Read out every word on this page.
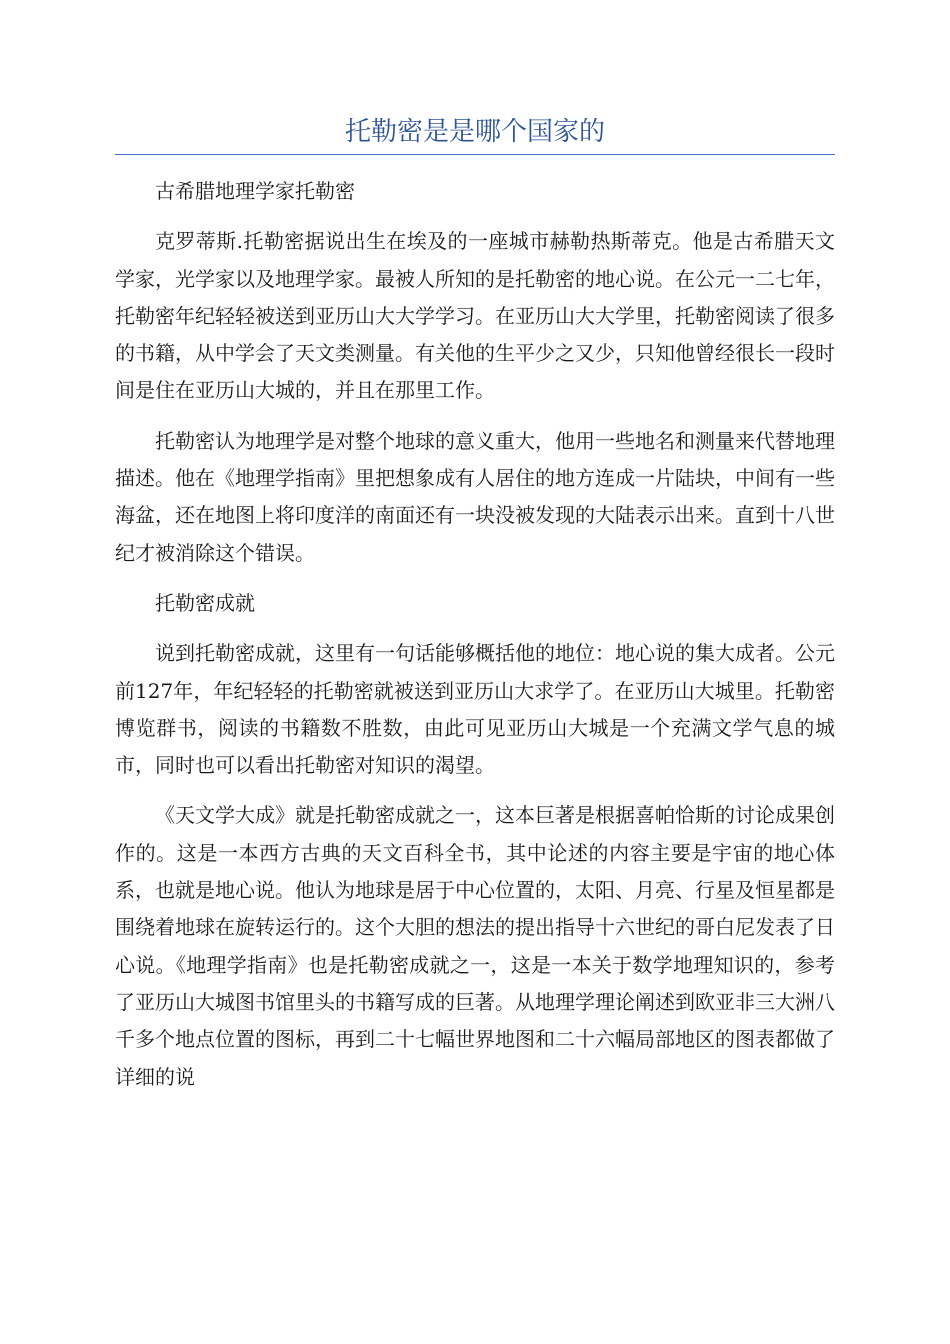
托勒密是是哪个国家的

古希腊地理学家托勒密

克罗蒂斯.托勒密据说出生在埃及的一座城市赫勒热斯蒂克。他是古希腊天文学家，光学家以及地理学家。最被人所知的是托勒密的地心说。在公元一二七年，托勒密年纪轻轻被送到亚历山大大学学习。在亚历山大大学里，托勒密阅读了很多的书籍，从中学会了天文类测量。有关他的生平少之又少，只知他曾经很长一段时间是住在亚历山大城的，并且在那里工作。

托勒密认为地理学是对整个地球的意义重大，他用一些地名和测量来代替地理描述。他在《地理学指南》里把想象成有人居住的地方连成一片陆块，中间有一些海盆，还在地图上将印度洋的南面还有一块没被发现的大陆表示出来。直到十八世纪才被消除这个错误。

托勒密成就

说到托勒密成就，这里有一句话能够概括他的地位：地心说的集大成者。公元前127年，年纪轻轻的托勒密就被送到亚历山大求学了。在亚历山大城里。托勒密博览群书，阅读的书籍数不胜数，由此可见亚历山大城是一个充满文学气息的城市，同时也可以看出托勒密对知识的渴望。

《天文学大成》就是托勒密成就之一，这本巨著是根据喜帕恰斯的讨论成果创作的。这是一本西方古典的天文百科全书，其中论述的内容主要是宇宙的地心体系，也就是地心说。他认为地球是居于中心位置的，太阳、月亮、行星及恒星都是围绕着地球在旋转运行的。这个大胆的想法的提出指导十六世纪的哥白尼发表了日心说。《地理学指南》也是托勒密成就之一，这是一本关于数学地理知识的，参考了亚历山大城图书馆里头的书籍写成的巨著。从地理学理论阐述到欧亚非三大洲八千多个地点位置的图标，再到二十七幅世界地图和二十六幅局部地区的图表都做了详细的说
